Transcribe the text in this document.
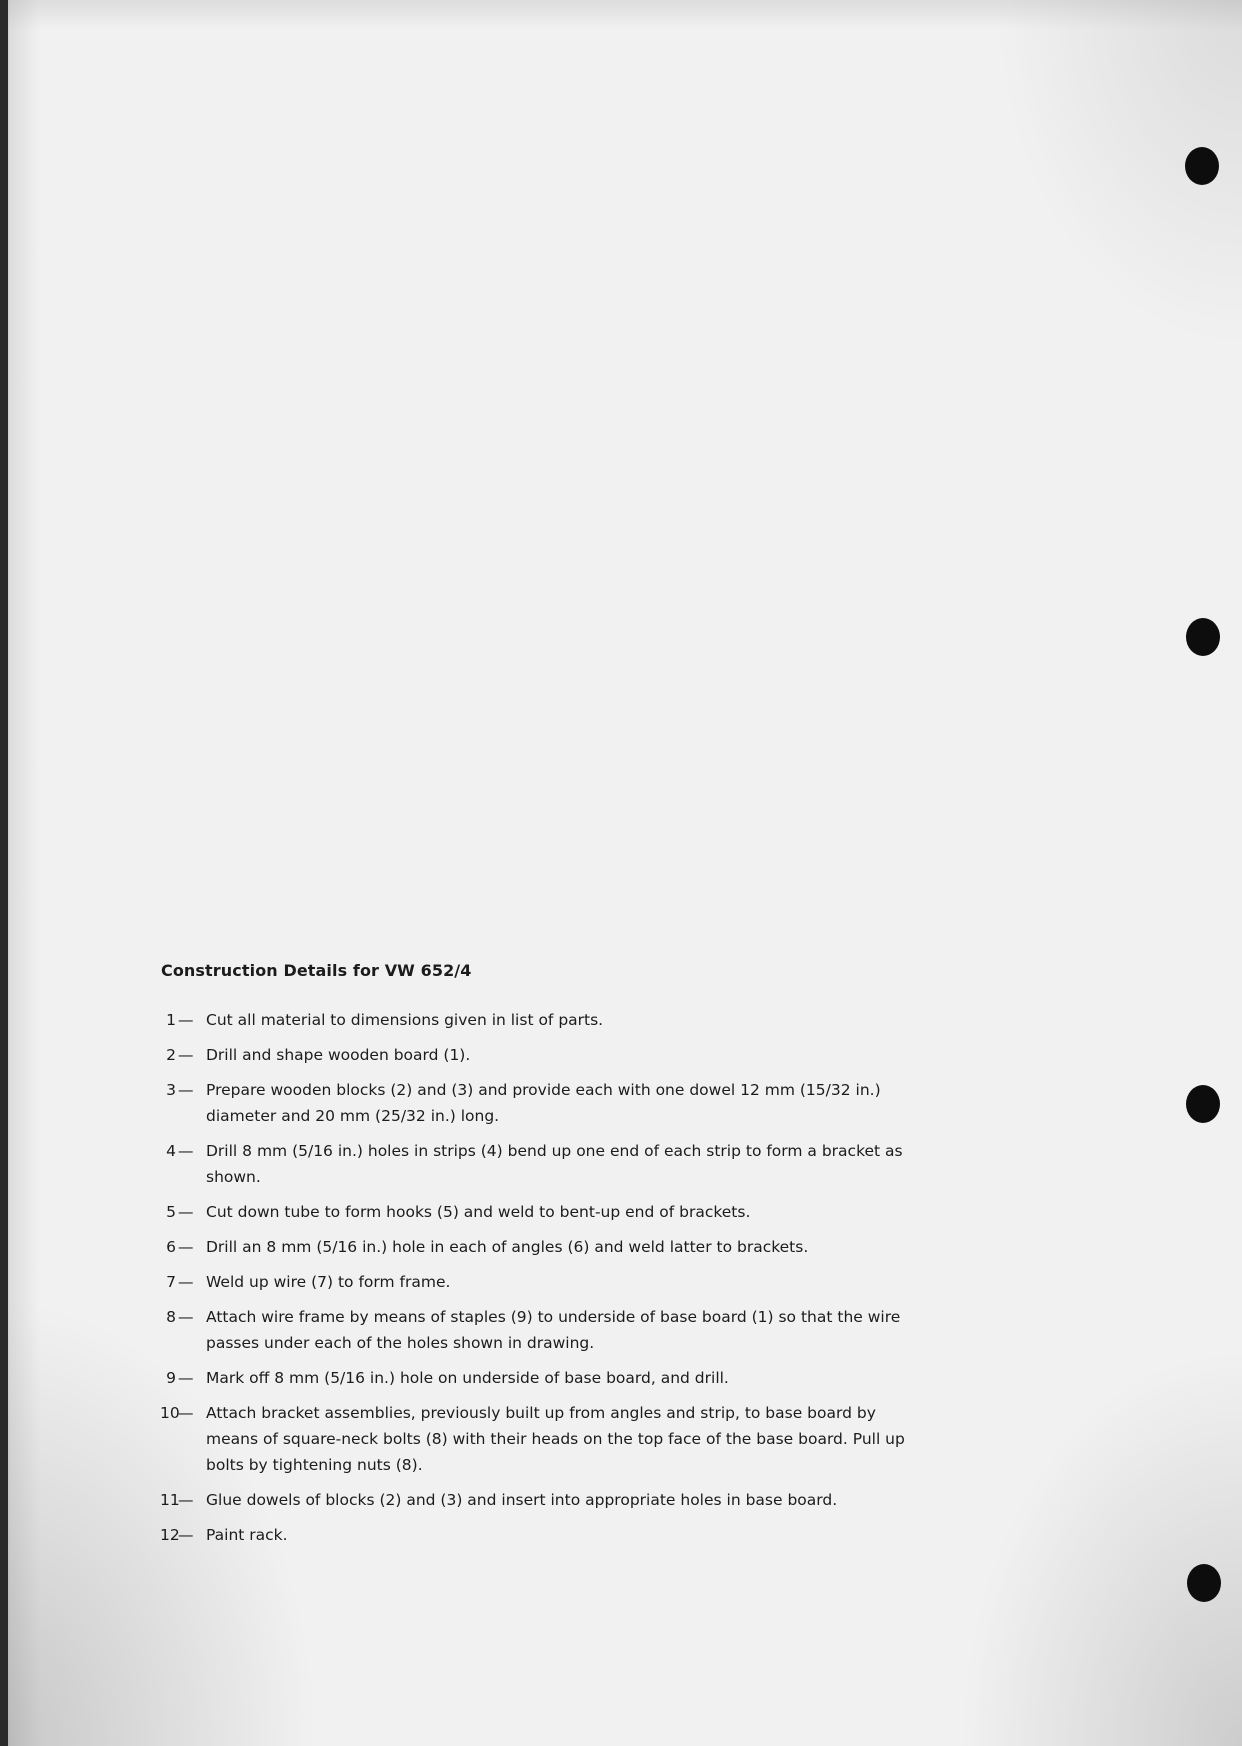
Construction Details for VW 652/4
1 — Cut all material to dimensions given in list of parts.
2 — Drill and shape wooden board (1).
3 — Prepare wooden blocks (2) and (3) and provide each with one dowel 12 mm (15/32 in.) diameter and 20 mm (25/32 in.) long.
4 — Drill 8 mm (5/16 in.) holes in strips (4) bend up one end of each strip to form a bracket as shown.
5 — Cut down tube to form hooks (5) and weld to bent-up end of brackets.
6 — Drill an 8 mm (5/16 in.) hole in each of angles (6) and weld latter to brackets.
7 — Weld up wire (7) to form frame.
8 — Attach wire frame by means of staples (9) to underside of base board (1) so that the wire passes under each of the holes shown in drawing.
9 — Mark off 8 mm (5/16 in.) hole on underside of base board, and drill.
10— Attach bracket assemblies, previously built up from angles and strip, to base board by means of square-neck bolts (8) with their heads on the top face of the base board. Pull up bolts by tightening nuts (8).
11— Glue dowels of blocks (2) and (3) and insert into appropriate holes in base board.
12— Paint rack.
